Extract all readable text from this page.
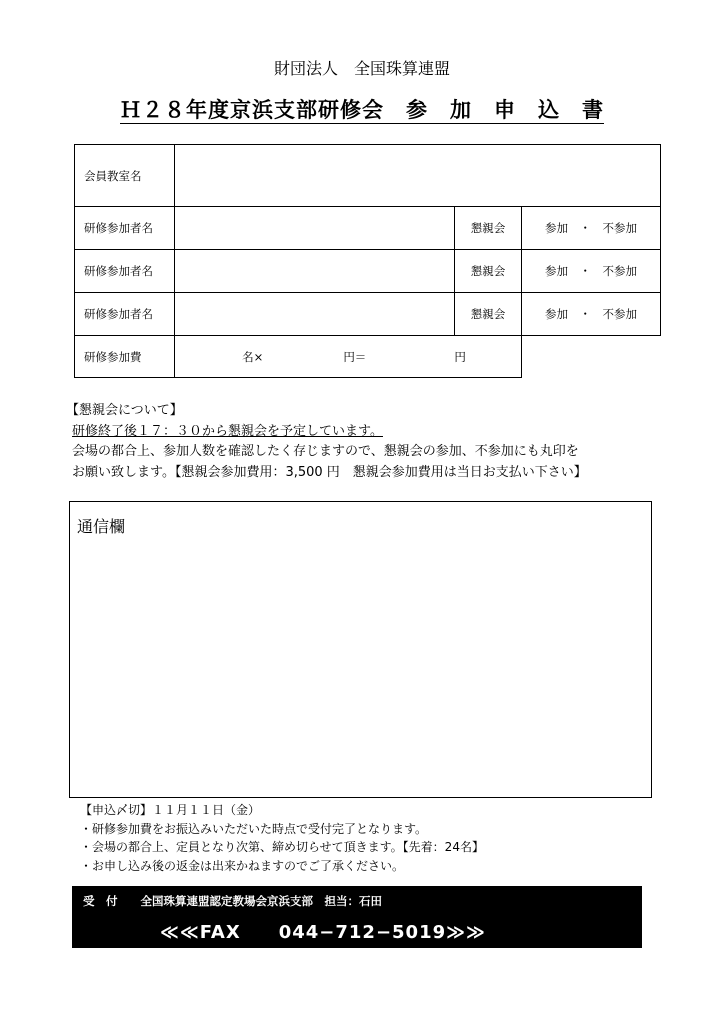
財団法人　全国珠算連盟
Ｈ２８年度京浜支部研修会　参　加　申　込　書
会員教室名			
研修参加者名		懇親会	参加　・　不参加
研修参加者名		懇親会	参加　・　不参加
研修参加者名		懇親会	参加　・　不参加
研修参加費	名× 円＝ 円		
【懇親会について】
研修終了後１７：３０から懇親会を予定しています。
会場の都合上、参加人数を確認したく存じますので、懇親会の参加、不参加にも丸印を
お願い致します。【懇親会参加費用：3,500 円　懇親会参加費用は当日お支払い下さい】
通信欄
【申込〆切】１１月１１日（金）
・研修参加費をお振込みいただいた時点で受付完了となります。
・会場の都合上、定員となり次第、締め切らせて頂きます。【先着：24名】
・お申し込み後の返金は出来かねますのでご了承ください。
受　付　　全国珠算連盟認定教場会京浜支部　担当：石田
≪≪FAX　　044−712−5019≫≫
